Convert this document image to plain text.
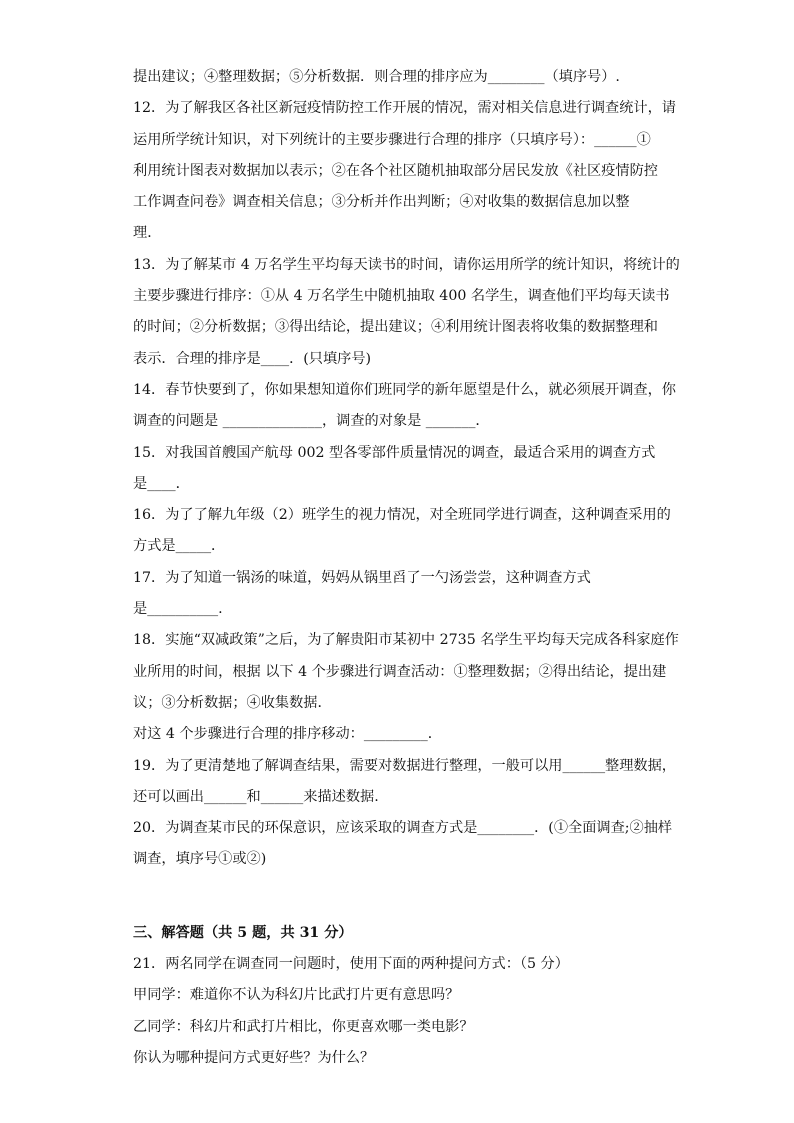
提出建议；④整理数据；⑤分析数据．则合理的排序应为________（填序号）.
12．为了解我区各社区新冠疫情防控工作开展的情况，需对相关信息进行调查统计，请
运用所学统计知识，对下列统计的主要步骤进行合理的排序（只填序号）：______①
利用统计图表对数据加以表示；②在各个社区随机抽取部分居民发放《社区疫情防控
工作调查问卷》调查相关信息；③分析并作出判断；④对收集的数据信息加以整
理．
13．为了解某市 4 万名学生平均每天读书的时间，请你运用所学的统计知识，将统计的
主要步骤进行排序：①从 4 万名学生中随机抽取 400 名学生，调查他们平均每天读书
的时间；②分析数据；③得出结论，提出建议；④利用统计图表将收集的数据整理和
表示．合理的排序是____．(只填序号)
14．春节快要到了，你如果想知道你们班同学的新年愿望是什么，就必须展开调查，你
调查的问题是 ______________，调查的对象是 _______．
15．对我国首艘国产航母 002 型各零部件质量情况的调查，最适合采用的调查方式
是____．
16．为了了解九年级（2）班学生的视力情况，对全班同学进行调查，这种调查采用的
方式是_____．
17．为了知道一锅汤的味道，妈妈从锅里舀了一勺汤尝尝，这种调查方式
是__________.
18．实施“双减政策”之后，为了解贵阳市某初中 2735 名学生平均每天完成各科家庭作
业所用的时间，根据 以下 4 个步骤进行调查活动：①整理数据；②得出结论，提出建
议；③分析数据；④收集数据．
对这 4 个步骤进行合理的排序移动：_________．
19．为了更清楚地了解调查结果，需要对数据进行整理，一般可以用______整理数据，
还可以画出______和______来描述数据.
20．为调查某市民的环保意识，应该采取的调查方式是________．(①全面调查;②抽样
调查，填序号①或②)
三、解答题（共 5 题，共 31 分）
21．两名同学在调查同一问题时，使用下面的两种提问方式：（5 分）
甲同学：难道你不认为科幻片比武打片更有意思吗？
乙同学：科幻片和武打片相比，你更喜欢哪一类电影？
你认为哪种提问方式更好些？为什么？
